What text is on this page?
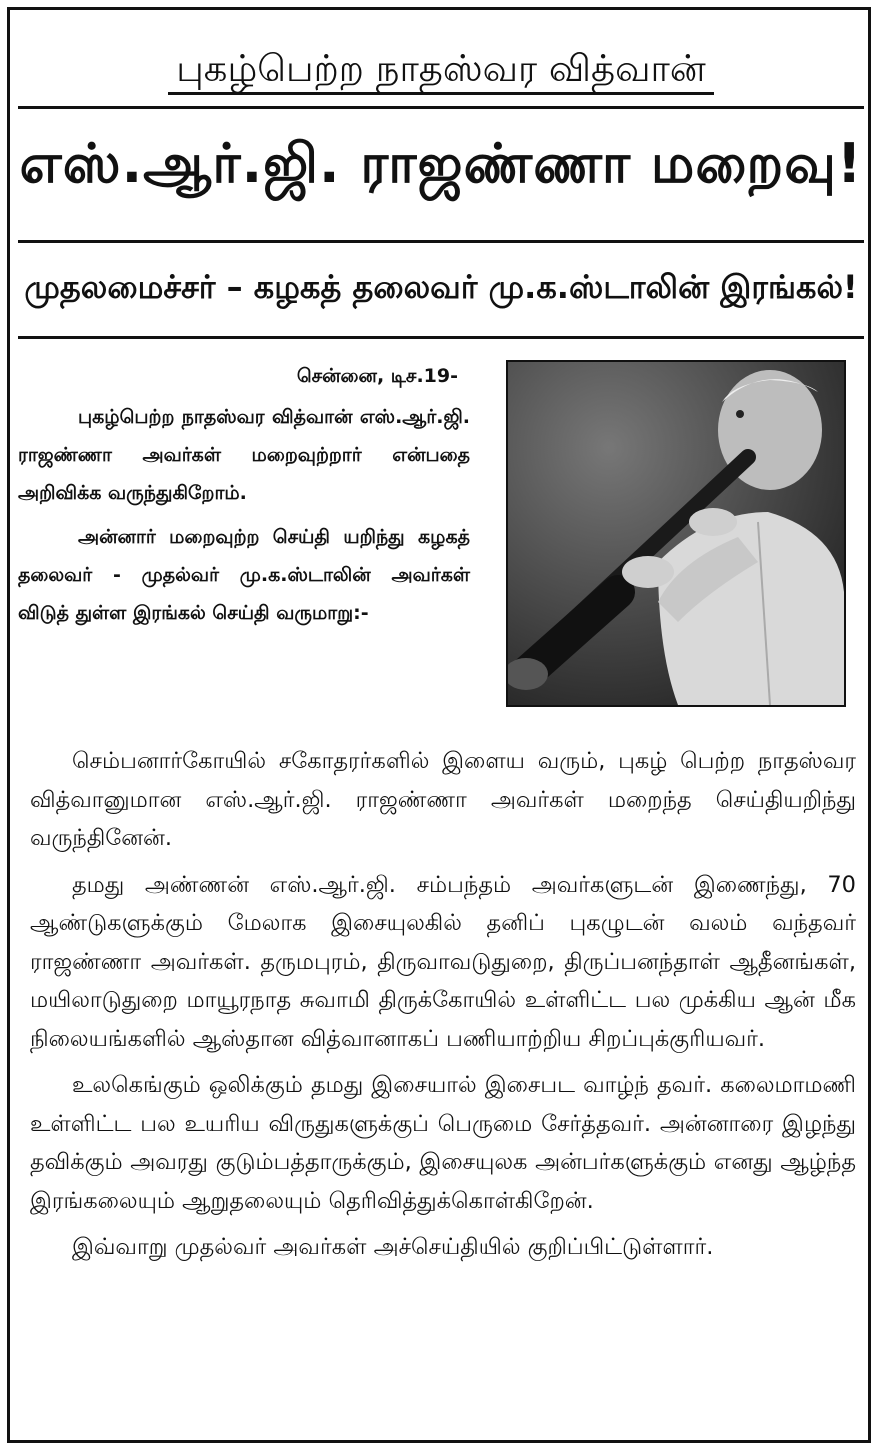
புகழ்பெற்ற நாதஸ்வர வித்வான்
எஸ்.ஆர்.ஜி. ராஜண்ணா மறைவு!
முதலமைச்சர் – கழகத் தலைவர் மு.க.ஸ்டாலின் இரங்கல்!
சென்னை, டிச.19-

புகழ்பெற்ற நாதஸ்வர வித்வான் எஸ்.ஆர்.ஜி. ராஜண்ணா அவர்கள் மறைவுற்றார் என்பதை அறிவிக்க வருந்துகிறோம்.

அன்னார் மறைவுற்ற செய்தி யறிந்து கழகத் தலைவர் - முதல்வர் மு.க.ஸ்டாலின் அவர்கள் விடுத் துள்ள இரங்கல் செய்தி வருமாறு:-

செம்பனார்கோயில் சகோதரர்களில் இளைய வரும், புகழ் பெற்ற நாதஸ்வர வித்வானுமான எஸ்.ஆர்.ஜி. ராஜண்ணா அவர்கள் மறைந்த செய்தியறிந்து வருந்தினேன்.

தமது அண்ணன் எஸ்.ஆர்.ஜி. சம்பந்தம் அவர்களுடன் இணைந்து, 70 ஆண்டுகளுக்கும் மேலாக இசையுலகில் தனிப் புகழுடன் வலம் வந்தவர் ராஜண்ணா அவர்கள். தருமபுரம், திருவாவடுதுறை, திருப்பனந்தாள் ஆதீனங்கள், மயிலாடுதுறை மாயூரநாத சுவாமி திருக்கோயில் உள்ளிட்ட பல முக்கிய ஆன் மீக நிலையங்களில் ஆஸ்தான வித்வானாகப் பணியாற்றிய சிறப்புக்குரியவர்.

உலகெங்கும் ஒலிக்கும் தமது இசையால் இசைபட வாழ்ந் தவர். கலைமாமணி உள்ளிட்ட பல உயரிய விருதுகளுக்குப் பெருமை சேர்த்தவர். அன்னாரை இழந்து தவிக்கும் அவரது குடும்பத்தாருக்கும், இசையுலக அன்பர்களுக்கும் எனது ஆழ்ந்த இரங்கலையும் ஆறுதலையும் தெரிவித்துக்கொள்கிறேன்.

இவ்வாறு முதல்வர் அவர்கள் அச்செய்தியில் குறிப்பிட்டுள்ளார்.
